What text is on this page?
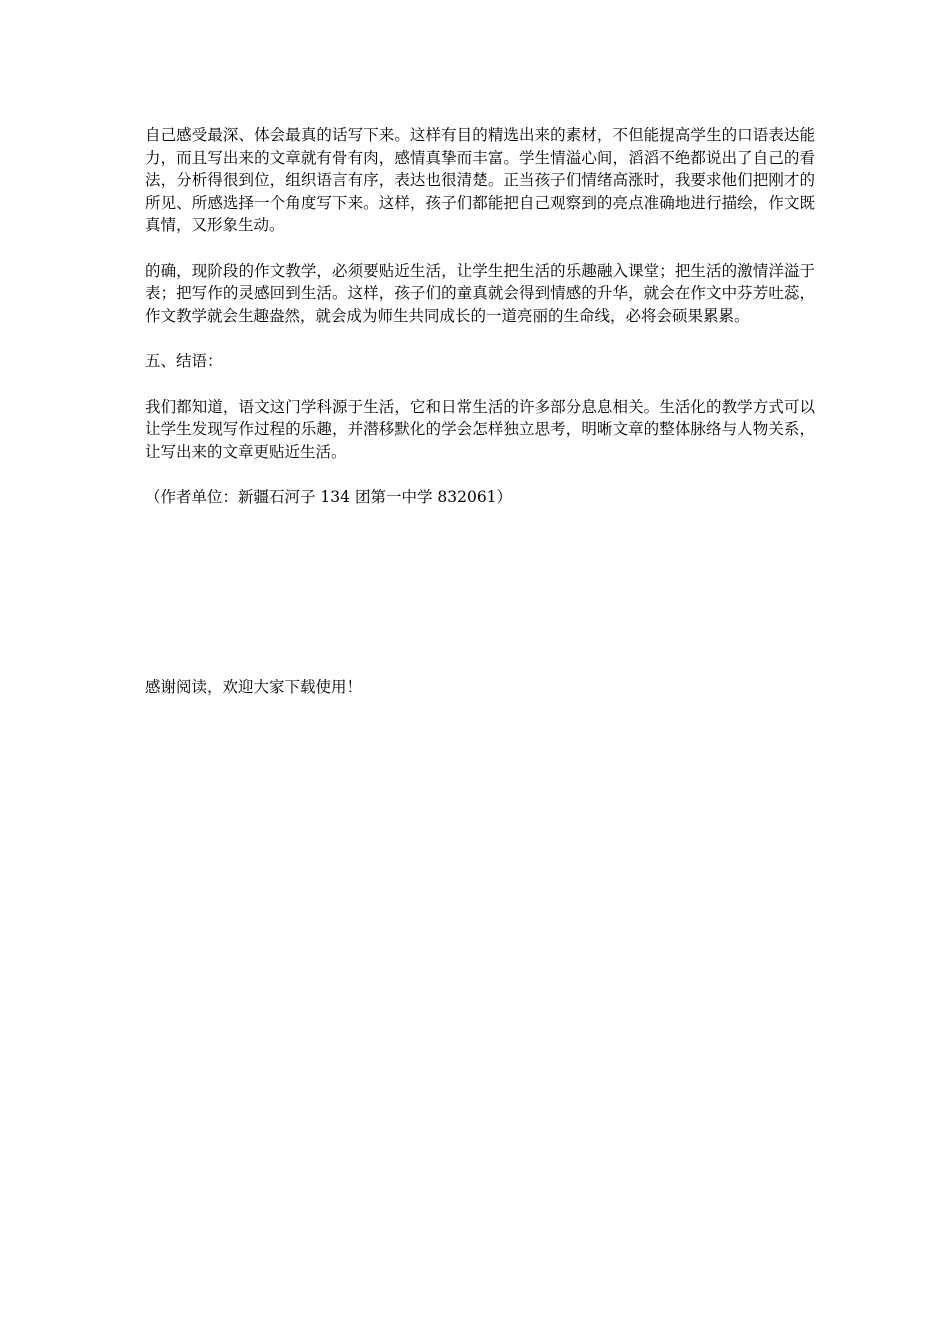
自己感受最深、体会最真的话写下来。这样有目的精选出来的素材，不但能提高学生的口语表达能力，而且写出来的文章就有骨有肉，感情真挚而丰富。学生情溢心间，滔滔不绝都说出了自己的看法，分析得很到位，组织语言有序，表达也很清楚。正当孩子们情绪高涨时，我要求他们把刚才的所见、所感选择一个角度写下来。这样，孩子们都能把自己观察到的亮点准确地进行描绘，作文既真情，又形象生动。

的确，现阶段的作文教学，必须要贴近生活，让学生把生活的乐趣融入课堂；把生活的激情洋溢于表；把写作的灵感回到生活。这样，孩子们的童真就会得到情感的升华，就会在作文中芬芳吐蕊，作文教学就会生趣盎然，就会成为师生共同成长的一道亮丽的生命线，必将会硕果累累。

五、结语：

我们都知道，语文这门学科源于生活，它和日常生活的许多部分息息相关。生活化的教学方式可以让学生发现写作过程的乐趣，并潜移默化的学会怎样独立思考，明晰文章的整体脉络与人物关系，让写出来的文章更贴近生活。

（作者单位：新疆石河子 134 团第一中学 832061）

感谢阅读，欢迎大家下载使用！
